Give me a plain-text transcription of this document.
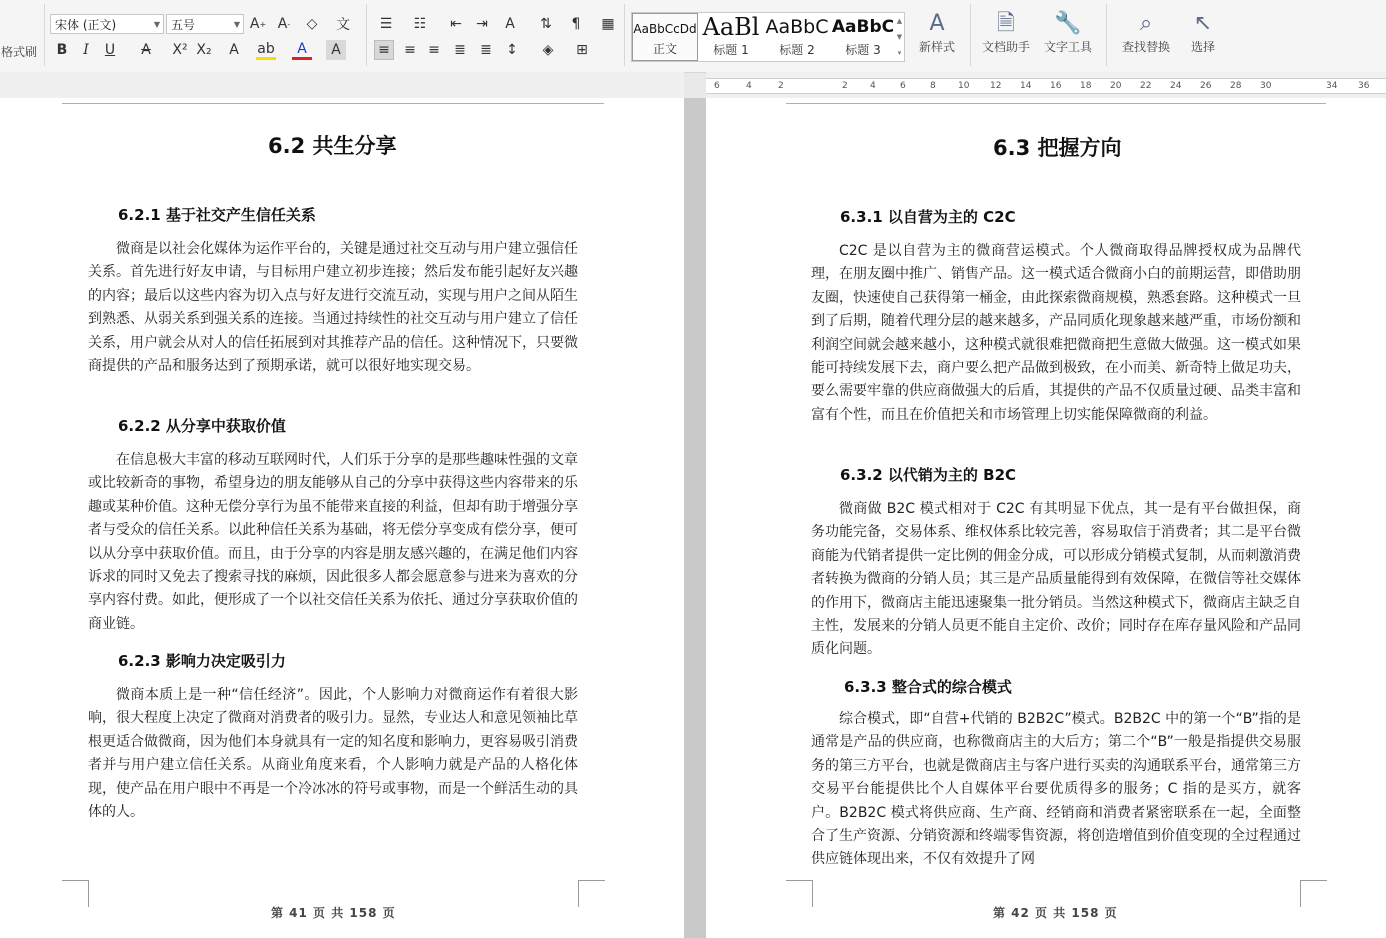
格式刷
宋体 (正文)	▼ 五号	▼ A + A -	◇	文
B	I	U	A	X² X₂	A	ab	A	A
☰ ☷ ⇤ ⇥	A	⇅	¶	▦
≡ ≡ ≡ ≣ ≣ ↕	◈	⊞
AaBbCcDd
正文
AaBl
标题 1
AaBbC
标题 2
AaBbC
标题 3
▲
▼
▾
A
新样式
🗎
文档助手
🔧
文字工具
⌕
查找替换
↖
选择
6	4	2	2 4	6	8 10 12 14 16 18 20 22 24 26 28 30	34 36
6.2 共生分享
6.2.1 基于社交产生信任关系
微商是以社会化媒体为运作平台的，关键是通过社交互动与用户建立强信任关系。首先进行好友申请，与目标用户建立初步连接；然后发布能引起好友兴趣的内容；最后以这些内容为切入点与好友进行交流互动，实现与用户之间从陌生到熟悉、从弱关系到强关系的连接。当通过持续性的社交互动与用户建立了信任关系，用户就会从对人的信任拓展到对其推荐产品的信任。这种情况下，只要微商提供的产品和服务达到了预期承诺，就可以很好地实现交易。
6.2.2 从分享中获取价值
在信息极大丰富的移动互联网时代，人们乐于分享的是那些趣味性强的文章或比较新奇的事物，希望身边的朋友能够从自己的分享中获得这些内容带来的乐趣或某种价值。这种无偿分享行为虽不能带来直接的利益，但却有助于增强分享者与受众的信任关系。以此种信任关系为基础，将无偿分享变成有偿分享，便可以从分享中获取价值。而且，由于分享的内容是朋友感兴趣的，在满足他们内容诉求的同时又免去了搜索寻找的麻烦，因此很多人都会愿意参与进来为喜欢的分享内容付费。如此，便形成了一个以社交信任关系为依托、通过分享获取价值的商业链。
6.2.3 影响力决定吸引力
微商本质上是一种“信任经济”。因此，个人影响力对微商运作有着很大影响，很大程度上决定了微商对消费者的吸引力。显然，专业达人和意见领袖比草根更适合做微商，因为他们本身就具有一定的知名度和影响力，更容易吸引消费者并与用户建立信任关系。从商业角度来看，个人影响力就是产品的人格化体现，使产品在用户眼中不再是一个冷冰冰的符号或事物，而是一个鲜活生动的具体的人。
第 41 页 共 158 页
6.3 把握方向
6.3.1 以自营为主的 C2C
C2C 是以自营为主的微商营运模式。个人微商取得品牌授权成为品牌代理，在朋友圈中推广、销售产品。这一模式适合微商小白的前期运营，即借助朋友圈，快速使自己获得第一桶金，由此探索微商规模，熟悉套路。这种模式一旦到了后期，随着代理分层的越来越多，产品同质化现象越来越严重，市场份额和利润空间就会越来越小，这种模式就很难把微商把生意做大做强。这一模式如果能可持续发展下去，商户要么把产品做到极致，在小而美、新奇特上做足功夫，要么需要牢靠的供应商做强大的后盾，其提供的产品不仅质量过硬、品类丰富和富有个性，而且在价值把关和市场管理上切实能保障微商的利益。
6.3.2 以代销为主的 B2C
微商做 B2C 模式相对于 C2C 有其明显下优点，其一是有平台做担保，商务功能完备，交易体系、维权体系比较完善，容易取信于消费者；其二是平台微商能为代销者提供一定比例的佣金分成，可以形成分销模式复制，从而刺激消费者转换为微商的分销人员；其三是产品质量能得到有效保障，在微信等社交媒体的作用下，微商店主能迅速聚集一批分销员。当然这种模式下，微商店主缺乏自主性，发展来的分销人员更不能自主定价、改价；同时存在库存量风险和产品同质化问题。
6.3.3 整合式的综合模式
综合模式，即“自营+代销的 B2B2C”模式。B2B2C 中的第一个“B”指的是通常是产品的供应商，也称微商店主的大后方；第二个“B”一般是指提供交易服务的第三方平台，也就是微商店主与客户进行买卖的沟通联系平台，通常第三方交易平台能提供比个人自媒体平台要优质得多的服务；C 指的是买方，就客户。B2B2C 模式将供应商、生产商、经销商和消费者紧密联系在一起，全面整合了生产资源、分销资源和终端零售资源，将创造增值到价值变现的全过程通过供应链体现出来，不仅有效提升了网
第 42 页 共 158 页
